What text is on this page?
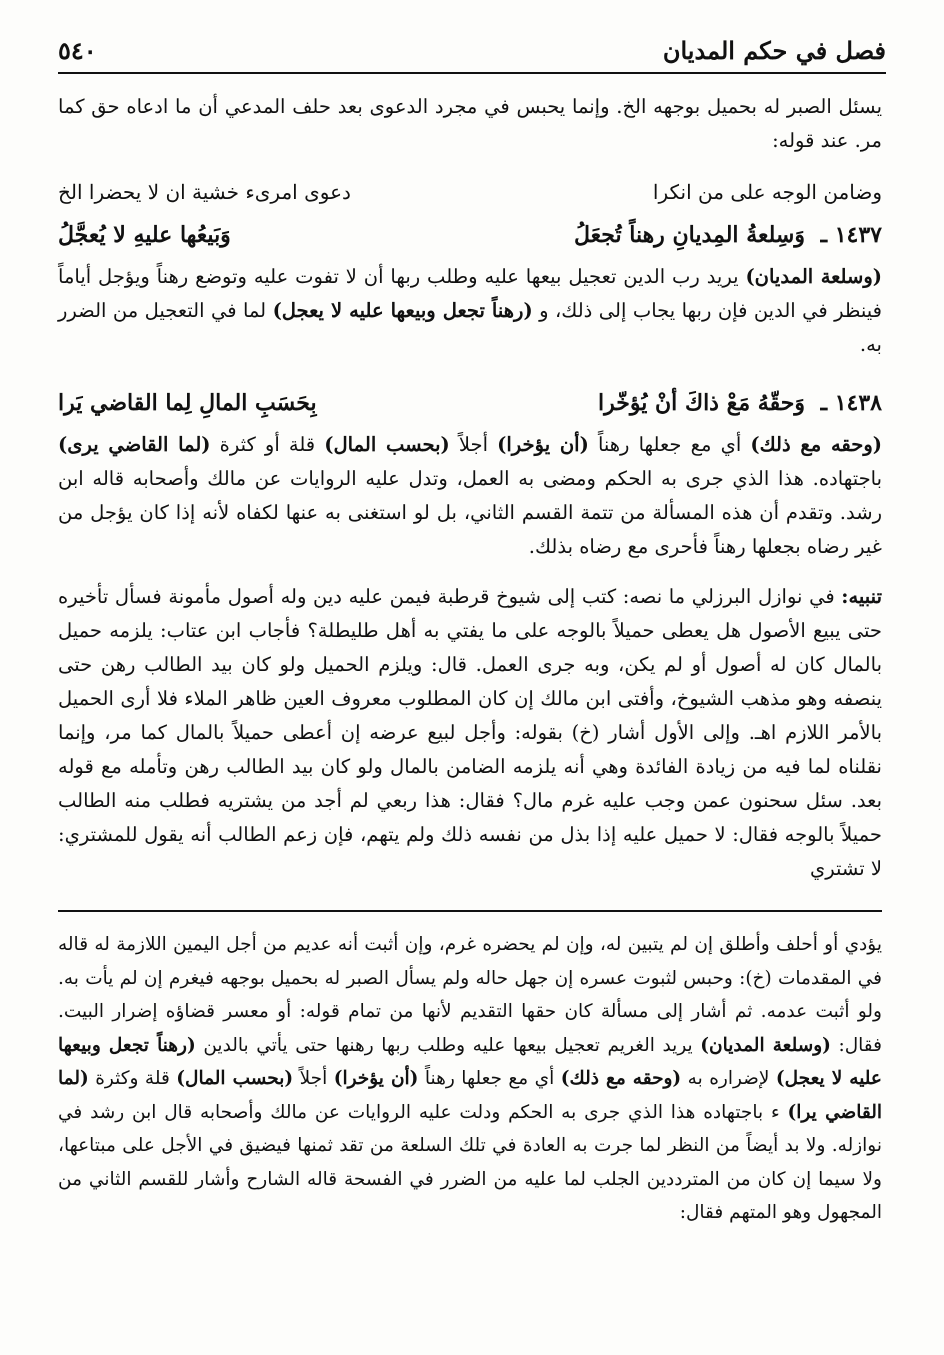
فصل في حكم المديان
٥٤٠
يسئل الصبر له بحميل بوجهه الخ. وإنما يحبس في مجرد الدعوى بعد حلف المدعي أن ما ادعاه حق كما مر. عند قوله:
وضامن الوجه على من انكرا
دعوى امرىء خشية ان لا يحضرا الخ
١٤٣٧ ـ وَسِلعةُ المِديانِ رهناً تُجعَلُ
وَبَيعُها عليهِ لا يُعجَّلُ
(وسلعة المديان) يريد رب الدين تعجيل بيعها عليه وطلب ربها أن لا تفوت عليه وتوضع رهناً ويؤجل أياماً فينظر في الدين فإن ربها يجاب إلى ذلك، و (رهناً تجعل وبيعها عليه لا يعجل) لما في التعجيل من الضرر به.
١٤٣٨ ـ وَحقّهُ مَعْ ذاكَ أنْ يُؤخّرا
بِحَسَبِ المالِ لِما القاضي يَرا
(وحقه مع ذلك) أي مع جعلها رهناً (أن يؤخرا) أجلاً (بحسب المال) قلة أو كثرة (لما القاضي يرى) باجتهاده. هذا الذي جرى به الحكم ومضى به العمل، وتدل عليه الروايات عن مالك وأصحابه قاله ابن رشد. وتقدم أن هذه المسألة من تتمة القسم الثاني، بل لو استغنى به عنها لكفاه لأنه إذا كان يؤجل من غير رضاه بجعلها رهناً فأحرى مع رضاه بذلك.
تنبيه: في نوازل البرزلي ما نصه: كتب إلى شيوخ قرطبة فيمن عليه دين وله أصول مأمونة فسأل تأخيره حتى يبيع الأصول هل يعطى حميلاً بالوجه على ما يفتي به أهل طليطلة؟ فأجاب ابن عتاب: يلزمه حميل بالمال كان له أصول أو لم يكن، وبه جرى العمل. قال: ويلزم الحميل ولو كان بيد الطالب رهن حتى ينصفه وهو مذهب الشيوخ، وأفتى ابن مالك إن كان المطلوب معروف العين ظاهر الملاء فلا أرى الحميل بالأمر اللازم اهـ. وإلى الأول أشار (خ) بقوله: وأجل لبيع عرضه إن أعطى حميلاً بالمال كما مر، وإنما نقلناه لما فيه من زيادة الفائدة وهي أنه يلزمه الضامن بالمال ولو كان بيد الطالب رهن وتأمله مع قوله بعد. سئل سحنون عمن وجب عليه غرم مال؟ فقال: هذا ربعي لم أجد من يشتريه فطلب منه الطالب حميلاً بالوجه فقال: لا حميل عليه إذا بذل من نفسه ذلك ولم يتهم، فإن زعم الطالب أنه يقول للمشتري: لا تشتري
يؤدي أو أحلف وأطلق إن لم يتبين له، وإن لم يحضره غرم، وإن أثبت أنه عديم من أجل اليمين اللازمة له قاله في المقدمات (خ): وحبس لثبوت عسره إن جهل حاله ولم يسأل الصبر له بحميل بوجهه فيغرم إن لم يأت به. ولو أثبت عدمه. ثم أشار إلى مسألة كان حقها التقديم لأنها من تمام قوله: أو معسر قضاؤه إضرار البيت. فقال: (وسلعة المديان) يريد الغريم تعجيل بيعها عليه وطلب ربها رهنها حتى يأتي بالدين (رهناً تجعل وبيعها عليه لا يعجل) لإضراره به (وحقه مع ذلك) أي مع جعلها رهناً (أن يؤخرا) أجلاً (بحسب المال) قلة وكثرة (لما القاضي يرا) ء باجتهاده هذا الذي جرى به الحكم ودلت عليه الروايات عن مالك وأصحابه قال ابن رشد في نوازله. ولا بد أيضاً من النظر لما جرت به العادة في تلك السلعة من تقد ثمنها فيضيق في الأجل على مبتاعها، ولا سيما إن كان من المترددين الجلب لما عليه من الضرر في الفسحة قاله الشارح وأشار للقسم الثاني من المجهول وهو المتهم فقال:
